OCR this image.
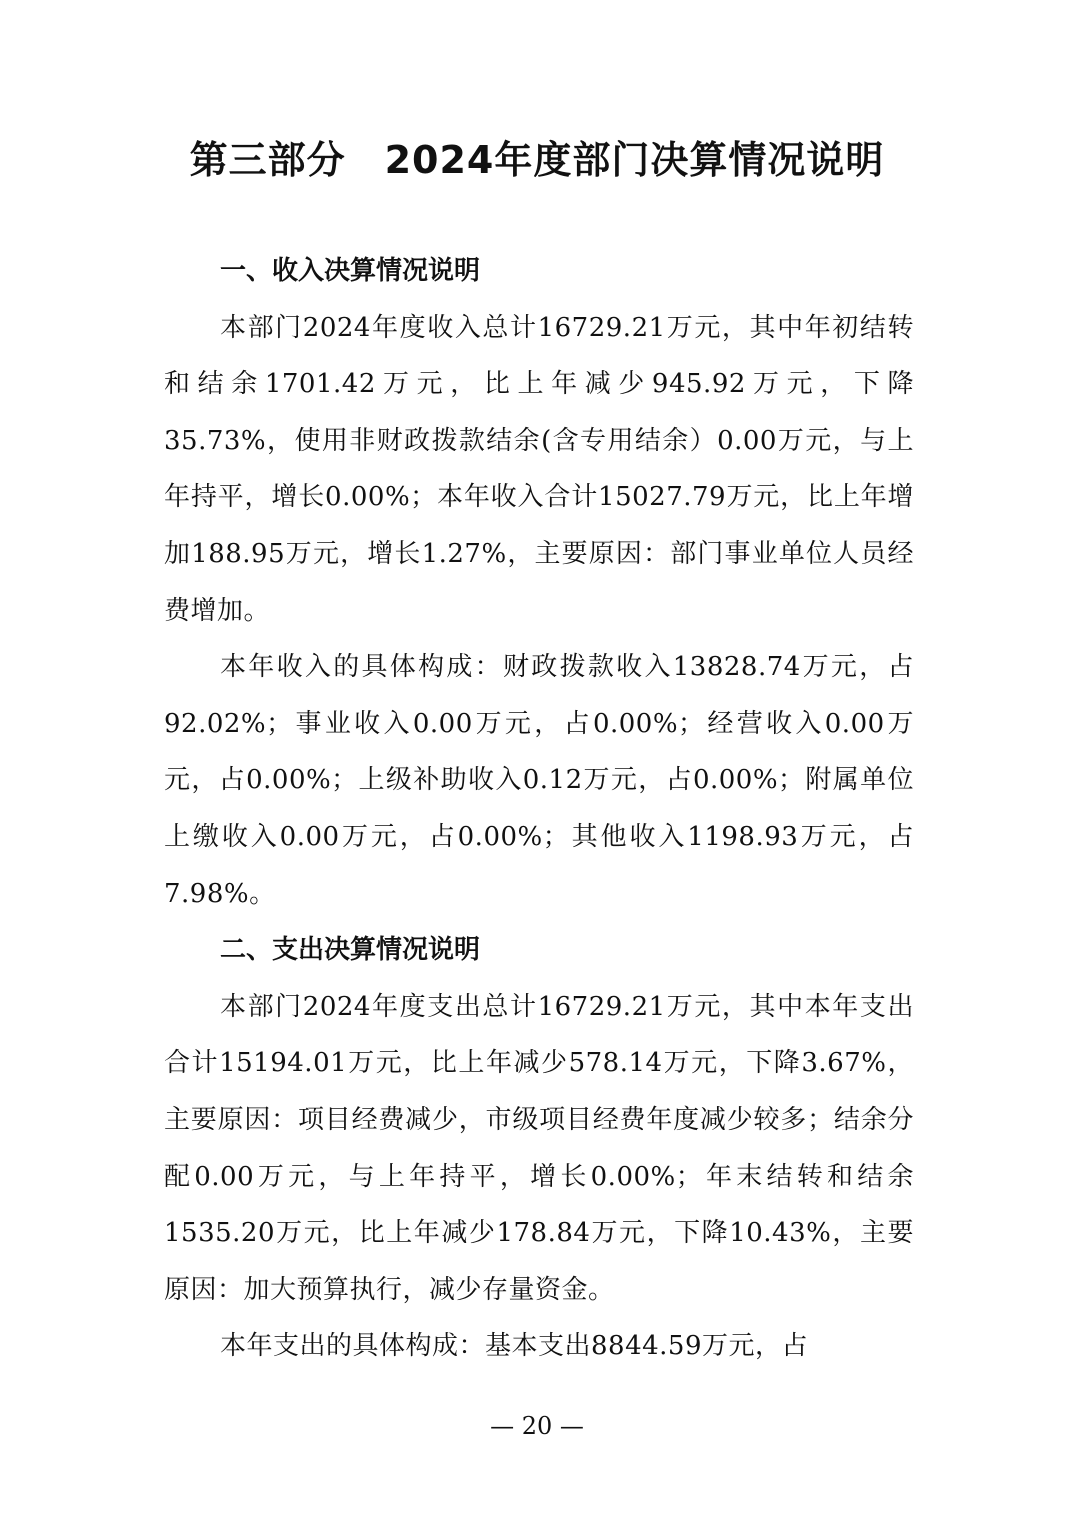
第三部分　2024年度部门决算情况说明

一、收入决算情况说明

本部门2024年度收入总计16729.21万元，其中年初结转和结余1701.42万元，比上年减少945.92万元，下降35.73%，使用非财政拨款结余(含专用结余）0.00万元，与上年持平，增长0.00%；本年收入合计15027.79万元，比上年增加188.95万元，增长1.27%，主要原因：部门事业单位人员经费增加。

本年收入的具体构成：财政拨款收入13828.74万元，占92.02%；事业收入0.00万元，占0.00%；经营收入0.00万元，占0.00%；上级补助收入0.12万元，占0.00%；附属单位上缴收入0.00万元，占0.00%；其他收入1198.93万元，占7.98%。

二、支出决算情况说明

本部门2024年度支出总计16729.21万元，其中本年支出合计15194.01万元，比上年减少578.14万元，下降3.67%，主要原因：项目经费减少，市级项目经费年度减少较多；结余分配0.00万元，与上年持平，增长0.00%；年末结转和结余1535.20万元，比上年减少178.84万元，下降10.43%，主要原因：加大预算执行，减少存量资金。

本年支出的具体构成：基本支出8844.59万元，占

— 20 —
